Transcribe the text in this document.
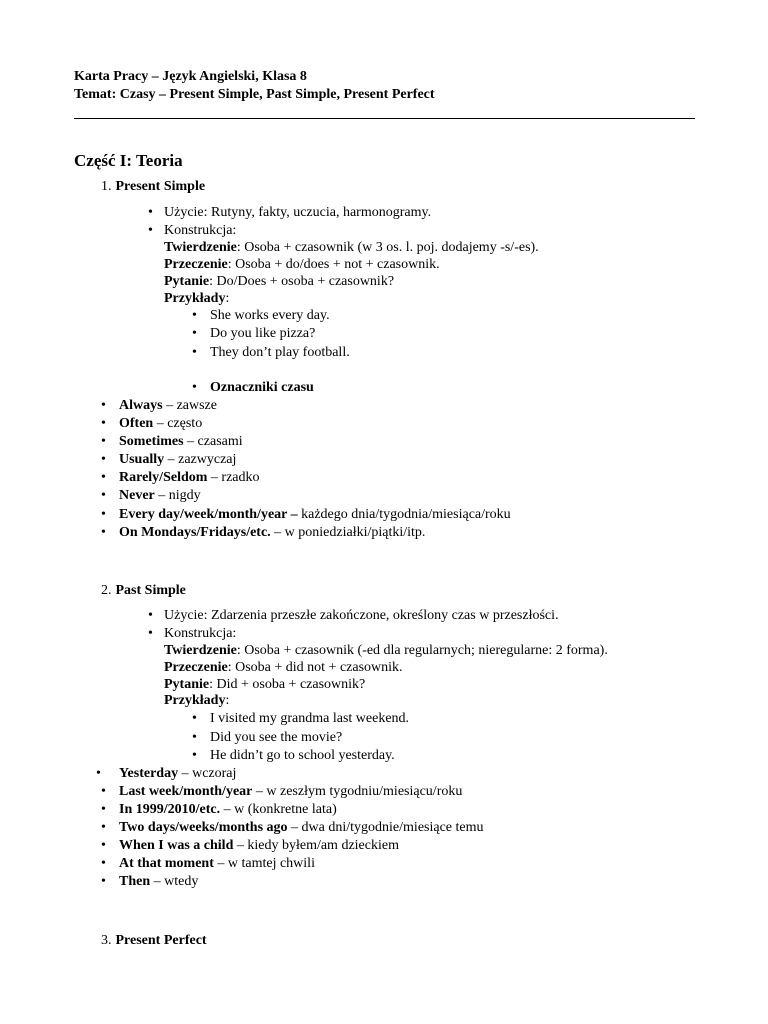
Karta Pracy – Język Angielski, Klasa 8
Temat: Czasy – Present Simple, Past Simple, Present Perfect
Część I: Teoria
1. Present Simple
• Użycie: Rutyny, fakty, uczucia, harmonogramy.
• Konstrukcja:
Twierdzenie: Osoba + czasownik (w 3 os. l. poj. dodajemy -s/-es).
Przeczenie: Osoba + do/does + not + czasownik.
Pytanie: Do/Does + osoba + czasownik?
Przykłady:
• She works every day.
• Do you like pizza?
• They don’t play football.
• Oznaczniki czasu
• Always – zawsze
• Often – często
• Sometimes – czasami
• Usually – zazwyczaj
• Rarely/Seldom – rzadko
• Never – nigdy
• Every day/week/month/year – każdego dnia/tygodnia/miesiąca/roku
• On Mondays/Fridays/etc. – w poniedziałki/piątki/itp.
2. Past Simple
• Użycie: Zdarzenia przeszłe zakończone, określony czas w przeszłości.
• Konstrukcja:
Twierdzenie: Osoba + czasownik (-ed dla regularnych; nieregularne: 2 forma).
Przeczenie: Osoba + did not + czasownik.
Pytanie: Did + osoba + czasownik?
Przykłady:
• I visited my grandma last weekend.
• Did you see the movie?
• He didn’t go to school yesterday.
• Yesterday – wczoraj
• Last week/month/year – w zeszłym tygodniu/miesiącu/roku
• In 1999/2010/etc. – w (konkretne lata)
• Two days/weeks/months ago – dwa dni/tygodnie/miesiące temu
• When I was a child – kiedy byłem/am dzieckiem
• At that moment – w tamtej chwili
• Then – wtedy
3. Present Perfect
